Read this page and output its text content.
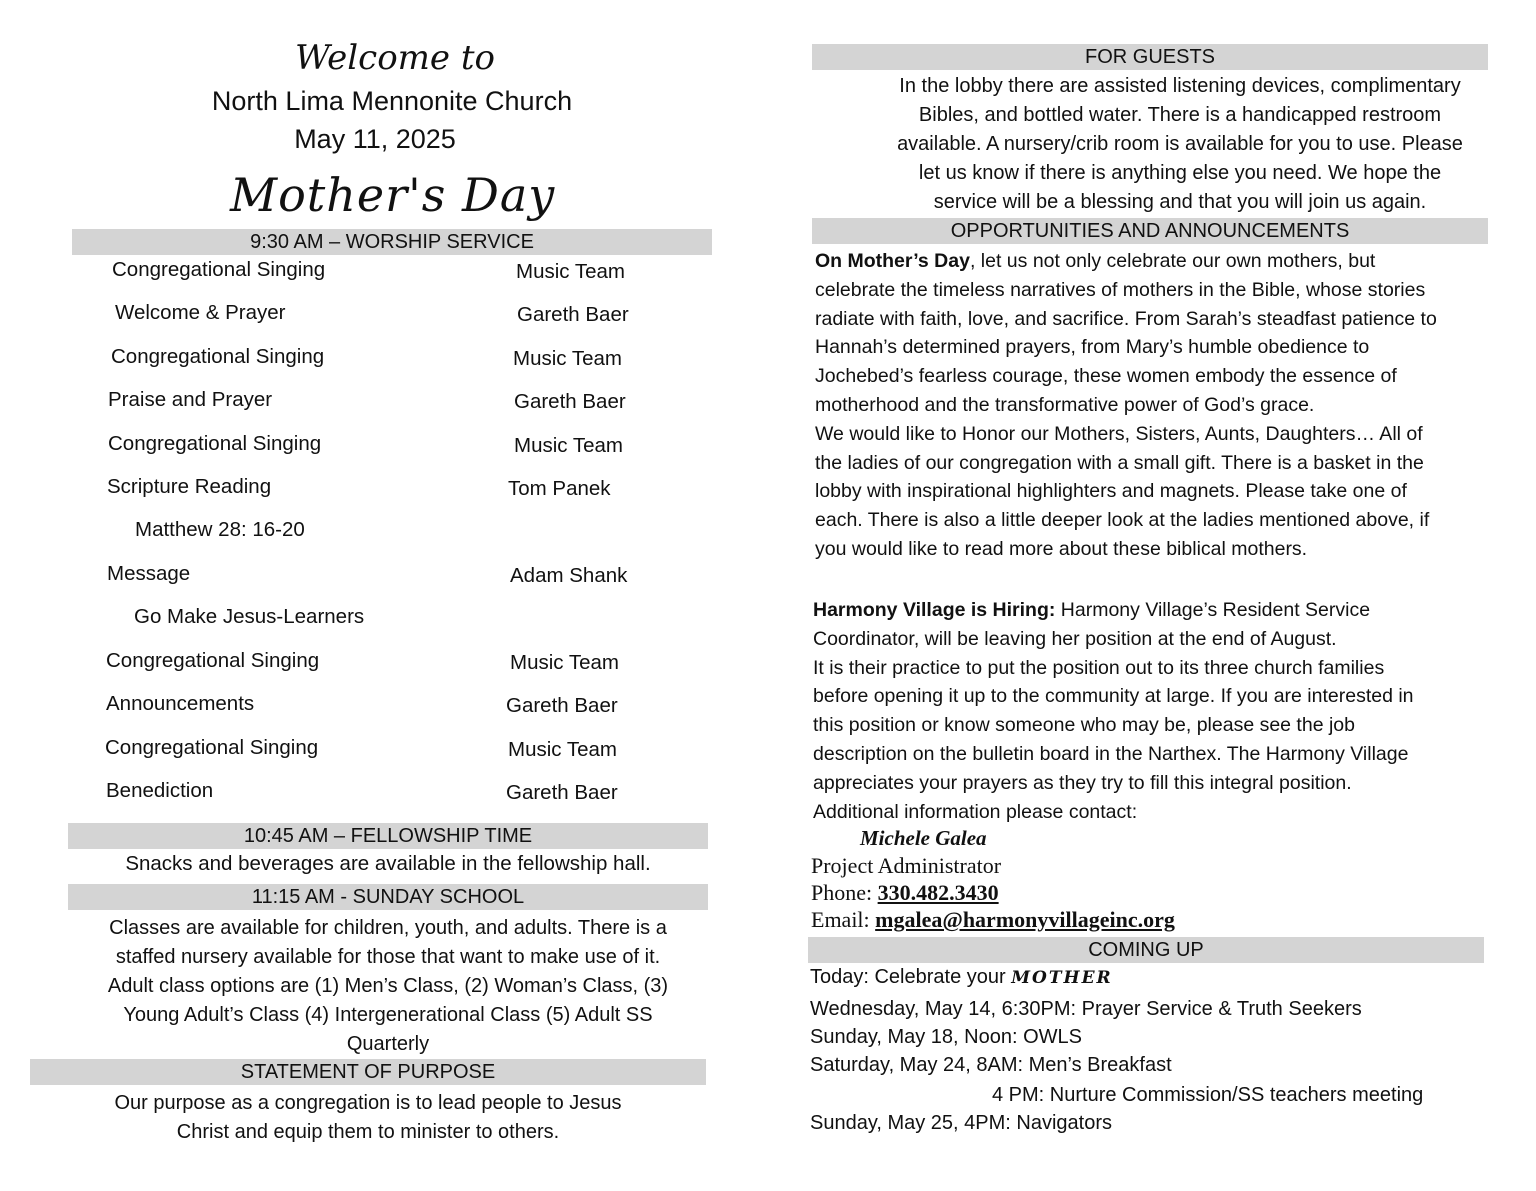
Welcome to
North Lima Mennonite Church
May 11, 2025
Mother's Day
9:30 AM – WORSHIP SERVICE
Congregational Singing	Music Team
Welcome & Prayer	Gareth Baer
Congregational Singing	Music Team
Praise and Prayer	Gareth Baer
Congregational Singing	Music Team
Scripture Reading	Tom Panek
Matthew 28: 16-20
Message	Adam Shank
Go Make Jesus-Learners
Congregational Singing	Music Team
Announcements	Gareth Baer
Congregational Singing	Music Team
Benediction	Gareth Baer
10:45 AM – FELLOWSHIP TIME
Snacks and beverages are available in the fellowship hall.
11:15 AM - SUNDAY SCHOOL

Classes are available for children, youth, and adults. There is a

staffed nursery available for those that want to make use of it.

Adult class options are (1) Men’s Class, (2) Woman’s Class, (3)

Young Adult’s Class (4) Intergenerational Class (5) Adult SS

Quarterly

STATEMENT OF PURPOSE

Our purpose as a congregation is to lead people to Jesus

Christ and equip them to minister to others.

FOR GUESTS

In the lobby there are assisted listening devices, complimentary

Bibles, and bottled water. There is a handicapped restroom

available. A nursery/crib room is available for you to use. Please

let us know if there is anything else you need. We hope the

service will be a blessing and that you will join us again.

OPPORTUNITIES AND ANNOUNCEMENTS

On Mother’s Day, let us not only celebrate our own mothers, but

celebrate the timeless narratives of mothers in the Bible, whose stories

radiate with faith, love, and sacrifice. From Sarah’s steadfast patience to

Hannah’s determined prayers, from Mary’s humble obedience to

Jochebed’s fearless courage, these women embody the essence of

motherhood and the transformative power of God’s grace.

We would like to Honor our Mothers, Sisters, Aunts, Daughters… All of

the ladies of our congregation with a small gift. There is a basket in the

lobby with inspirational highlighters and magnets. Please take one of

each. There is also a little deeper look at the ladies mentioned above, if

you would like to read more about these biblical mothers.

Harmony Village is Hiring: Harmony Village’s Resident Service

Coordinator, will be leaving her position at the end of August.

It is their practice to put the position out to its three church families

before opening it up to the community at large. If you are interested in

this position or know someone who may be, please see the job

description on the bulletin board in the Narthex. The Harmony Village

appreciates your prayers as they try to fill this integral position.

Additional information please contact:

Michele Galea
Project Administrator
Phone: 330.482.3430
Email: mgalea@harmonyvillageinc.org
COMING UP
Today: Celebrate your MOTHER
Wednesday, May 14, 6:30PM: Prayer Service & Truth Seekers
Sunday, May 18, Noon: OWLS
Saturday, May 24, 8AM: Men’s Breakfast
4 PM: Nurture Commission/SS teachers meeting
Sunday, May 25, 4PM: Navigators
